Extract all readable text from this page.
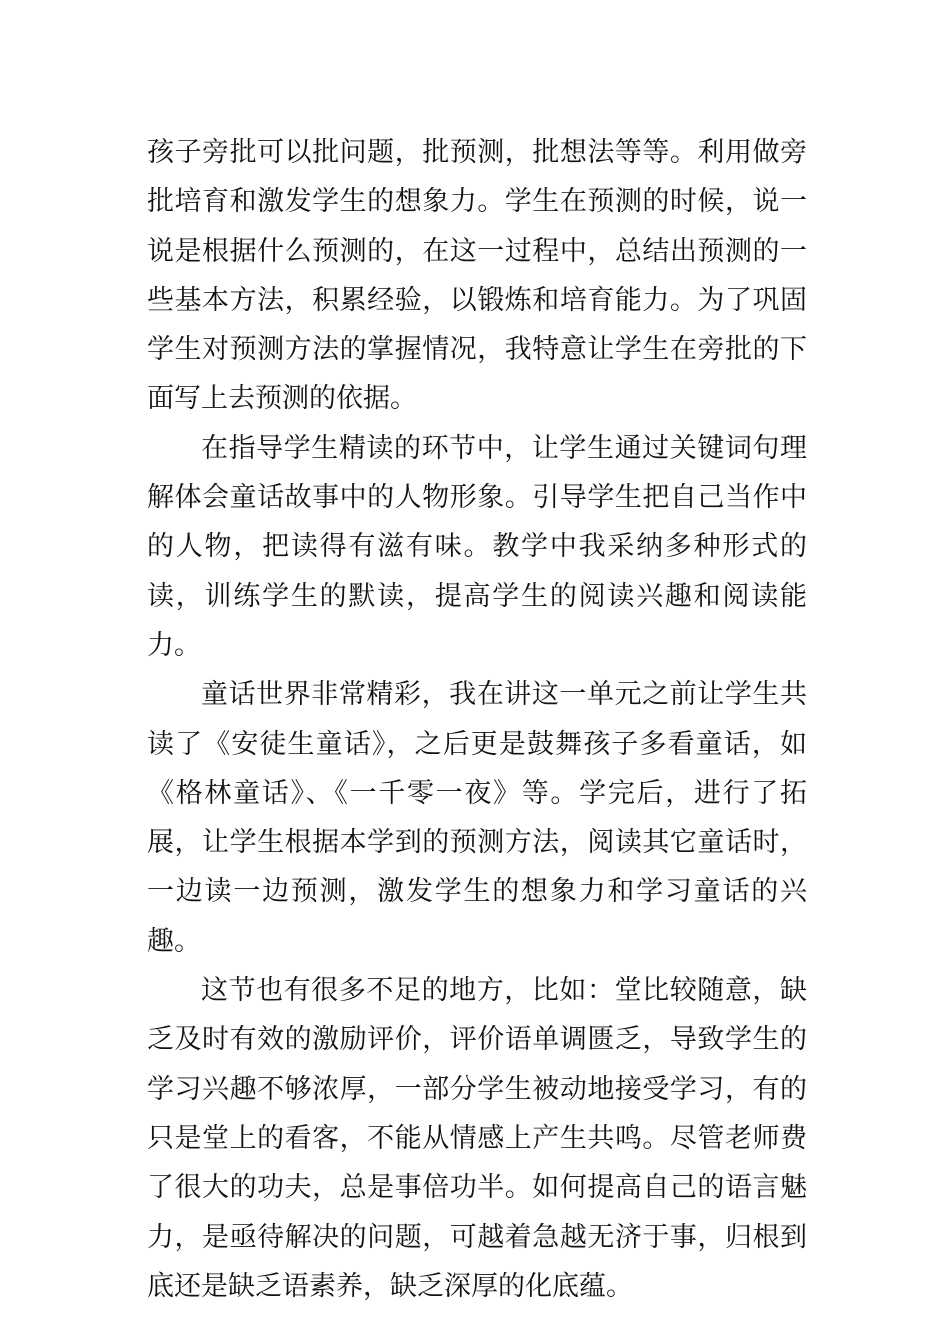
孩子旁批可以批问题，批预测，批想法等等。利用做旁批培育和激发学生的想象力。学生在预测的时候，说一说是根据什么预测的，在这一过程中，总结出预测的一些基本方法，积累经验，以锻炼和培育能力。为了巩固学生对预测方法的掌握情况，我特意让学生在旁批的下面写上去预测的依据。

在指导学生精读的环节中，让学生通过关键词句理解体会童话故事中的人物形象。引导学生把自己当作中的人物，把读得有滋有味。教学中我采纳多种形式的读，训练学生的默读，提高学生的阅读兴趣和阅读能力。

童话世界非常精彩，我在讲这一单元之前让学生共读了《安徒生童话》，之后更是鼓舞孩子多看童话，如《格林童话》、《一千零一夜》等。学完后，进行了拓展，让学生根据本学到的预测方法，阅读其它童话时，一边读一边预测，激发学生的想象力和学习童话的兴趣。

这节也有很多不足的地方，比如：堂比较随意，缺乏及时有效的激励评价，评价语单调匮乏，导致学生的学习兴趣不够浓厚，一部分学生被动地接受学习，有的只是堂上的看客，不能从情感上产生共鸣。尽管老师费了很大的功夫，总是事倍功半。如何提高自己的语言魅力，是亟待解决的问题，可越着急越无济于事，归根到底还是缺乏语素养，缺乏深厚的化底蕴。
